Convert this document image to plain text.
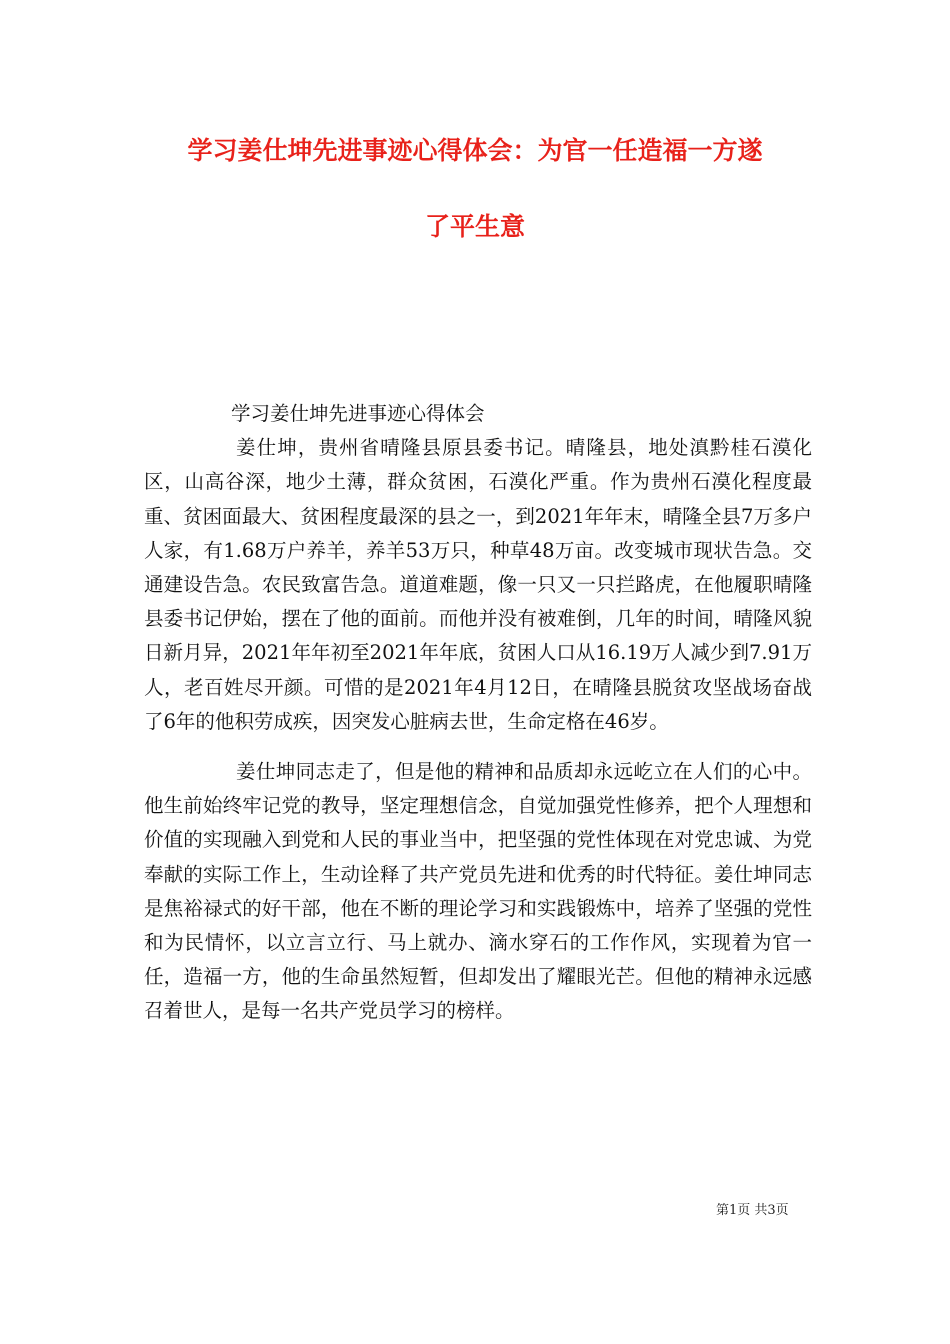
学习姜仕坤先进事迹心得体会：为官一任造福一方遂
了平生意

学习姜仕坤先进事迹心得体会

姜仕坤，贵州省晴隆县原县委书记。晴隆县，地处滇黔桂石漠化区，山高谷深，地少土薄，群众贫困，石漠化严重。作为贵州石漠化程度最重、贫困面最大、贫困程度最深的县之一，到2021年年末，晴隆全县7万多户人家，有1.68万户养羊，养羊53万只，种草48万亩。改变城市现状告急。交通建设告急。农民致富告急。道道难题，像一只又一只拦路虎，在他履职晴隆县委书记伊始，摆在了他的面前。而他并没有被难倒，几年的时间，晴隆风貌日新月异，2021年年初至2021年年底，贫困人口从16.19万人减少到7.91万人，老百姓尽开颜。可惜的是2021年4月12日，在晴隆县脱贫攻坚战场奋战了6年的他积劳成疾，因突发心脏病去世，生命定格在46岁。

姜仕坤同志走了，但是他的精神和品质却永远屹立在人们的心中。他生前始终牢记党的教导，坚定理想信念，自觉加强党性修养，把个人理想和价值的实现融入到党和人民的事业当中，把坚强的党性体现在对党忠诚、为党奉献的实际工作上，生动诠释了共产党员先进和优秀的时代特征。姜仕坤同志是焦裕禄式的好干部，他在不断的理论学习和实践锻炼中，培养了坚强的党性和为民情怀，以立言立行、马上就办、滴水穿石的工作作风，实现着为官一任，造福一方，他的生命虽然短暂，但却发出了耀眼光芒。但他的精神永远感召着世人，是每一名共产党员学习的榜样。

第1页 共3页
